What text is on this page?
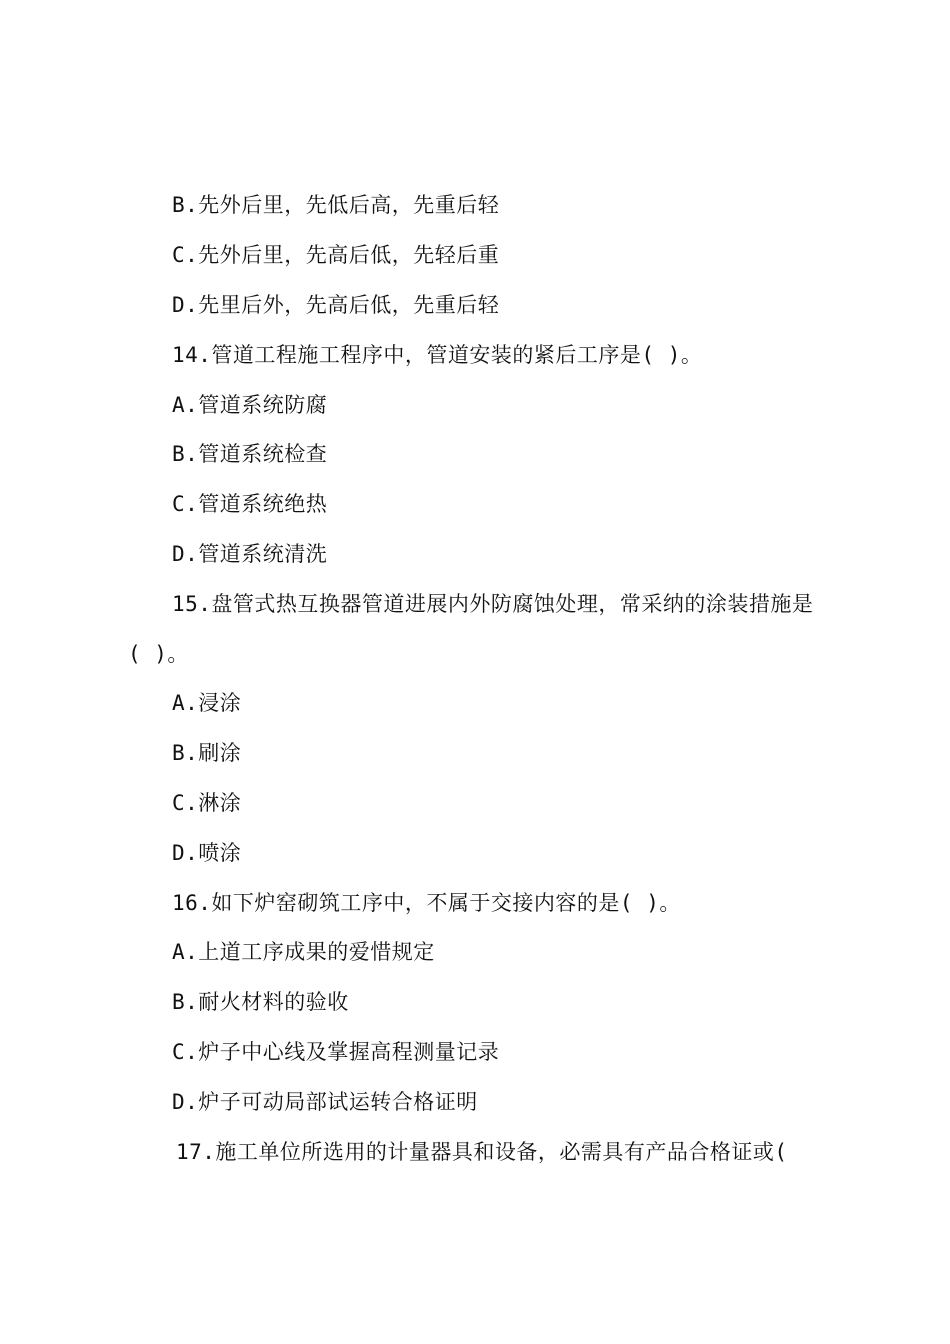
B.先外后里，先低后高，先重后轻
C.先外后里，先高后低，先轻后重
D.先里后外，先高后低，先重后轻
14.管道工程施工程序中，管道安装的紧后工序是( )。
A.管道系统防腐
B.管道系统检查
C.管道系统绝热
D.管道系统清洗
15.盘管式热互换器管道进展内外防腐蚀处理，常采纳的涂装措施是
( )。
A.浸涂
B.刷涂
C.淋涂
D.喷涂
16.如下炉窑砌筑工序中，不属于交接内容的是( )。
A.上道工序成果的爱惜规定
B.耐火材料的验收
C.炉子中心线及掌握高程测量记录
D.炉子可动局部试运转合格证明
17.施工单位所选用的计量器具和设备，必需具有产品合格证或(
